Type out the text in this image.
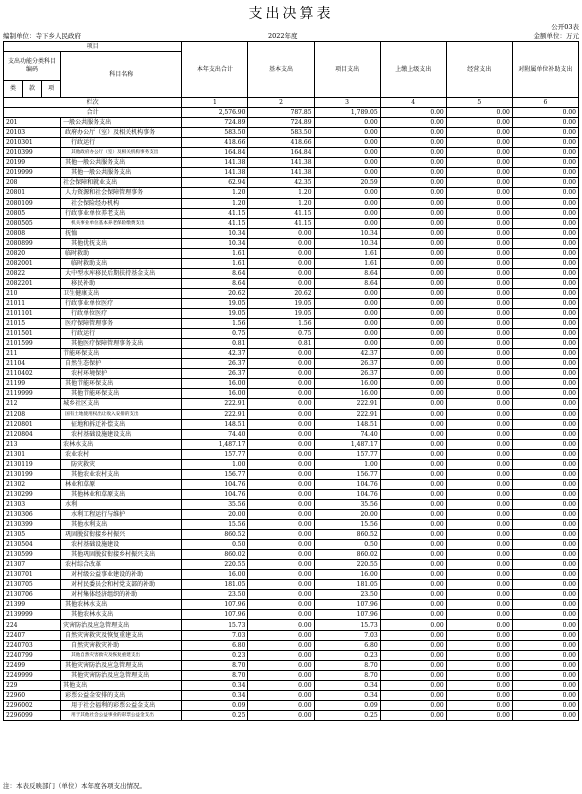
支出决算表
公开03表
编制单位：寺下乡人民政府	2022年度	金额单位：万元
项目				本年支出合计	基本支出	项目支出	上缴上级支出	经营支出	对附属单位补助支出
支出功能分类科目编码			科目名称						
类	款	项							
栏次				1	2	3	4	5	6
合计				2,576.90	787.85	1,789.05	0.00	0.00	0.00
201			一般公共服务支出	724.89	724.89	0.00	0.00	0.00	0.00
20103			政府办公厅（室）及相关机构事务	583.50	583.50	0.00	0.00	0.00	0.00
2010301			行政运行	418.66	418.66	0.00	0.00	0.00	0.00
2010399			其他政府办公厅（室）及相关机构事务支出	164.84	164.84	0.00	0.00	0.00	0.00
20199			其他一般公共服务支出	141.38	141.38	0.00	0.00	0.00	0.00
2019999			其他一般公共服务支出	141.38	141.38	0.00	0.00	0.00	0.00
208			社会保障和就业支出	62.94	42.35	20.59	0.00	0.00	0.00
20801			人力资源和社会保障管理事务	1.20	1.20	0.00	0.00	0.00	0.00
2080109			社会保险经办机构	1.20	1.20	0.00	0.00	0.00	0.00
20805			行政事业单位养老支出	41.15	41.15	0.00	0.00	0.00	0.00
2080505			机关事业单位基本养老保险缴费支出	41.15	41.15	0.00	0.00	0.00	0.00
20808			抚恤	10.34	0.00	10.34	0.00	0.00	0.00
2080899			其他优抚支出	10.34	0.00	10.34	0.00	0.00	0.00
20820			临时救助	1.61	0.00	1.61	0.00	0.00	0.00
2082001			临时救助支出	1.61	0.00	1.61	0.00	0.00	0.00
20822			大中型水库移民后期扶持基金支出	8.64	0.00	8.64	0.00	0.00	0.00
2082201			移民补助	8.64	0.00	8.64	0.00	0.00	0.00
210			卫生健康支出	20.62	20.62	0.00	0.00	0.00	0.00
21011			行政事业单位医疗	19.05	19.05	0.00	0.00	0.00	0.00
2101101			行政单位医疗	19.05	19.05	0.00	0.00	0.00	0.00
21015			医疗保障管理事务	1.56	1.56	0.00	0.00	0.00	0.00
2101501			行政运行	0.75	0.75	0.00	0.00	0.00	0.00
2101599			其他医疗保障管理事务支出	0.81	0.81	0.00	0.00	0.00	0.00
211			节能环保支出	42.37	0.00	42.37	0.00	0.00	0.00
21104			自然生态保护	26.37	0.00	26.37	0.00	0.00	0.00
2110402			农村环境保护	26.37	0.00	26.37	0.00	0.00	0.00
21199			其他节能环保支出	16.00	0.00	16.00	0.00	0.00	0.00
2119999			其他节能环保支出	16.00	0.00	16.00	0.00	0.00	0.00
212			城乡社区支出	222.91	0.00	222.91	0.00	0.00	0.00
21208			国有土地使用权出让收入安排的支出	222.91	0.00	222.91	0.00	0.00	0.00
2120801			征地和拆迁补偿支出	148.51	0.00	148.51	0.00	0.00	0.00
2120804			农村基础设施建设支出	74.40	0.00	74.40	0.00	0.00	0.00
213			农林水支出	1,487.17	0.00	1,487.17	0.00	0.00	0.00
21301			农业农村	157.77	0.00	157.77	0.00	0.00	0.00
2130119			防灾救灾	1.00	0.00	1.00	0.00	0.00	0.00
2130199			其他农业农村支出	156.77	0.00	156.77	0.00	0.00	0.00
21302			林业和草原	104.76	0.00	104.76	0.00	0.00	0.00
2130299			其他林业和草原支出	104.76	0.00	104.76	0.00	0.00	0.00
21303			水利	35.56	0.00	35.56	0.00	0.00	0.00
2130306			水利工程运行与维护	20.00	0.00	20.00	0.00	0.00	0.00
2130399			其他水利支出	15.56	0.00	15.56	0.00	0.00	0.00
21305			巩固脱贫衔接乡村振兴	860.52	0.00	860.52	0.00	0.00	0.00
2130504			农村基础设施建设	0.50	0.00	0.50	0.00	0.00	0.00
2130599			其他巩固脱贫衔接乡村振兴支出	860.02	0.00	860.02	0.00	0.00	0.00
21307			农村综合改革	220.55	0.00	220.55	0.00	0.00	0.00
2130701			对村级公益事业建设的补助	16.00	0.00	16.00	0.00	0.00	0.00
2130705			对村民委员会和村党支部的补助	181.05	0.00	181.05	0.00	0.00	0.00
2130706			对村集体经济组织的补助	23.50	0.00	23.50	0.00	0.00	0.00
21399			其他农林水支出	107.96	0.00	107.96	0.00	0.00	0.00
2139999			其他农林水支出	107.96	0.00	107.96	0.00	0.00	0.00
224			灾害防治及应急管理支出	15.73	0.00	15.73	0.00	0.00	0.00
22407			自然灾害救灾及恢复重建支出	7.03	0.00	7.03	0.00	0.00	0.00
2240703			自然灾害救灾补助	6.80	0.00	6.80	0.00	0.00	0.00
2240799			其他自然灾害救灾及恢复重建支出	0.23	0.00	0.23	0.00	0.00	0.00
22499			其他灾害防治及应急管理支出	8.70	0.00	8.70	0.00	0.00	0.00
2249999			其他灾害防治及应急管理支出	8.70	0.00	8.70	0.00	0.00	0.00
229			其他支出	0.34	0.00	0.34	0.00	0.00	0.00
22960			彩票公益金安排的支出	0.34	0.00	0.34	0.00	0.00	0.00
2296002			用于社会福利的彩票公益金支出	0.09	0.00	0.09	0.00	0.00	0.00
2296099			用于其他社会公益事业的彩票公益金支出	0.25	0.00	0.25	0.00	0.00	0.00
注：本表反映部门（单位）本年度各项支出情况。
